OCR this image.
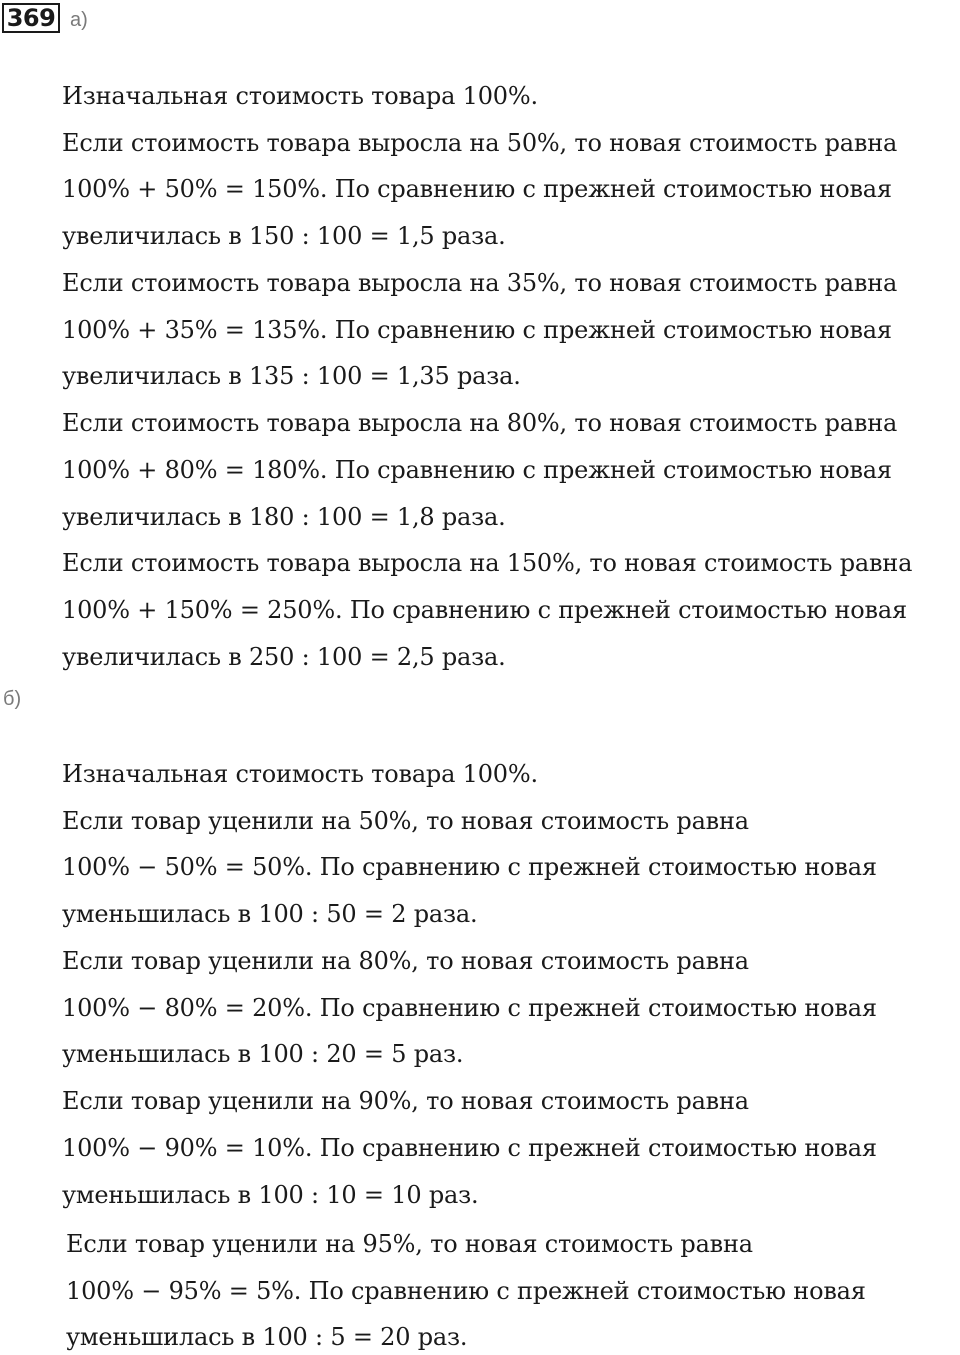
369 а)
Изначальная стоимость товара 100%.
Если стоимость товара выросла на 50%, то новая стоимость равна
100% + 50% = 150%. По сравнению с прежней стоимостью новая
увеличилась в 150 : 100 = 1,5 раза.
Если стоимость товара выросла на 35%, то новая стоимость равна
100% + 35% = 135%. По сравнению с прежней стоимостью новая
увеличилась в 135 : 100 = 1,35 раза.
Если стоимость товара выросла на 80%, то новая стоимость равна
100% + 80% = 180%. По сравнению с прежней стоимостью новая
увеличилась в 180 : 100 = 1,8 раза.
Если стоимость товара выросла на 150%, то новая стоимость равна
100% + 150% = 250%. По сравнению с прежней стоимостью новая
увеличилась в 250 : 100 = 2,5 раза.
б)
Изначальная стоимость товара 100%.
Если товар уценили на 50%, то новая стоимость равна
100% − 50% = 50%. По сравнению с прежней стоимостью новая
уменьшилась в 100 : 50 = 2 раза.
Если товар уценили на 80%, то новая стоимость равна
100% − 80% = 20%. По сравнению с прежней стоимостью новая
уменьшилась в 100 : 20 = 5 раз.
Если товар уценили на 90%, то новая стоимость равна
100% − 90% = 10%. По сравнению с прежней стоимостью новая
уменьшилась в 100 : 10 = 10 раз.
Если товар уценили на 95%, то новая стоимость равна
100% − 95% = 5%. По сравнению с прежней стоимостью новая
уменьшилась в 100 : 5 = 20 раз.
